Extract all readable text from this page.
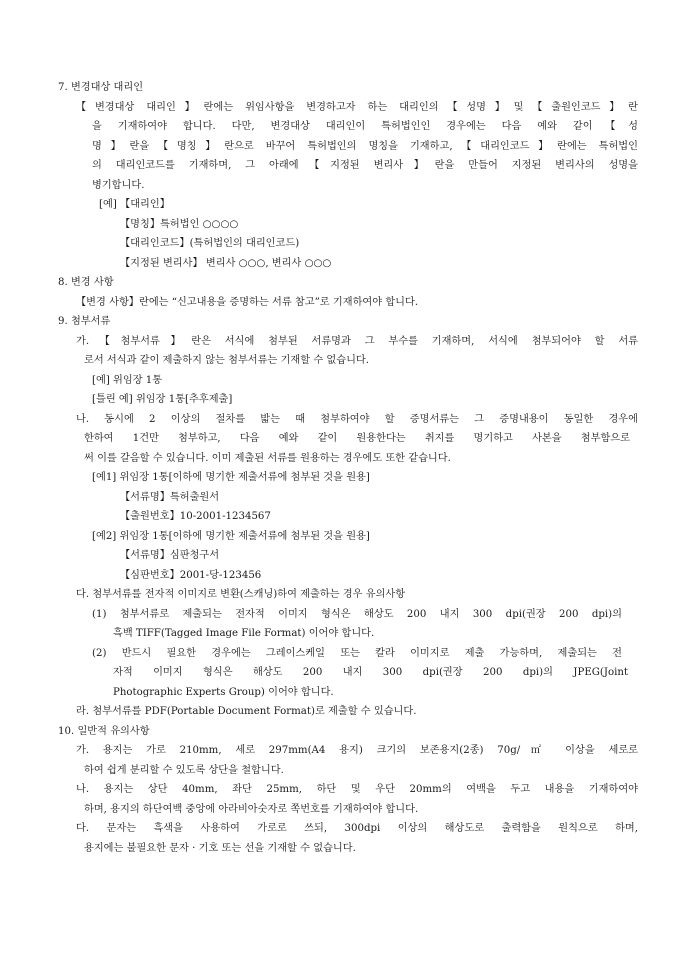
7. 변경대상 대리인
【변경대상 대리인】란에는 위임사항을 변경하고자 하는 대리인의【성명】및【출원인코드】란
을 기재하여야 합니다. 다만, 변경대상 대리인이 특허법인인 경우에는 다음 예와 같이【성
명】란을【명칭】란으로 바꾸어 특허법인의 명칭을 기재하고,【대리인코드】란에는 특허법인
의 대리인코드를 기재하며, 그 아래에【지정된 변리사】란을 만들어 지정된 변리사의 성명을
병기합니다.
[예] 【대리인】
【명칭】특허법인 ○○○○
【대리인코드】(특허법인의 대리인코드)
【지정된 변리사】 변리사 ○○○, 변리사 ○○○
8. 변경 사항
【변경 사항】란에는 “신고내용을 증명하는 서류 참고”로 기재하여야 합니다.
9. 첨부서류
가.【첨부서류】란은 서식에 첨부된 서류명과 그 부수를 기재하며, 서식에 첨부되어야 할 서류
로서 서식과 같이 제출하지 않는 첨부서류는 기재할 수 없습니다.
[예] 위임장 1통
[틀린 예] 위임장 1통[추후제출]
나. 동시에 2 이상의 절차를 밟는 때 첨부하여야 할 증명서류는 그 증명내용이 동일한 경우에
한하여 1건만 첨부하고, 다음 예와 같이 원용한다는 취지를 명기하고 사본을 첨부함으로
써 이를 갈음할 수 있습니다. 이미 제출된 서류를 원용하는 경우에도 또한 같습니다.
[예1] 위임장 1통[이하에 명기한 제출서류에 첨부된 것을 원용]
【서류명】특허출원서
【출원번호】10-2001-1234567
[예2] 위임장 1통[이하에 명기한 제출서류에 첨부된 것을 원용]
【서류명】심판청구서
【심판번호】2001-당-123456
다. 첨부서류를 전자적 이미지로 변환(스캐닝)하여 제출하는 경우 유의사항
(1) 첨부서류로 제출되는 전자적 이미지 형식은 해상도 200 내지 300 dpi(권장 200 dpi)의
흑백 TIFF(Tagged Image File Format) 이어야 합니다.
(2) 반드시 필요한 경우에는 그레이스케일 또는 칼라 이미지로 제출 가능하며, 제출되는 전
자적 이미지 형식은 해상도 200 내지 300 dpi(권장 200 dpi)의 JPEG(Joint
Photographic Experts Group) 이어야 합니다.
라. 첨부서류를 PDF(Portable Document Format)로 제출할 수 있습니다.
10. 일반적 유의사항
가. 용지는 가로 210mm, 세로 297mm(A4 용지) 크기의 보존용지(2종) 70g/㎡ 이상을 세로로
하여 쉽게 분리할 수 있도록 상단을 철합니다.
나. 용지는 상단 40mm, 좌단 25mm, 하단 및 우단 20mm의 여백을 두고 내용을 기재하여야
하며, 용지의 하단여백 중앙에 아라비아숫자로 쪽번호를 기재하여야 합니다.
다. 문자는 흑색을 사용하여 가로로 쓰되, 300dpi 이상의 해상도로 출력함을 원칙으로 하며,
용지에는 불필요한 문자 · 기호 또는 선을 기재할 수 없습니다.
